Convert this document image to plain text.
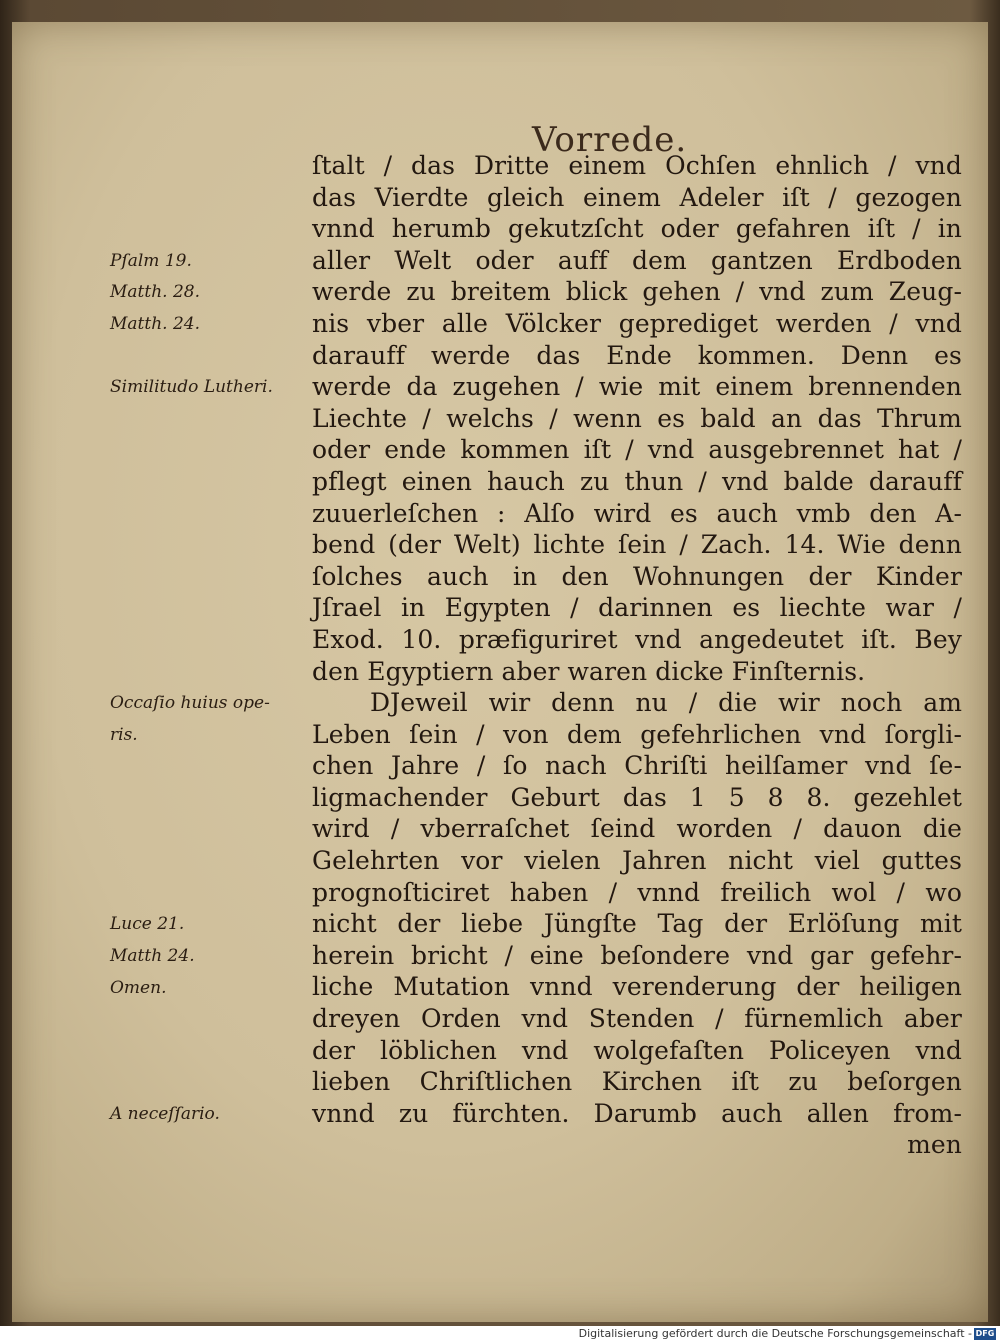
Vorrede.
ſtalt / das Dritte einem Ochſen ehnlich / vnd
das Vierdte gleich einem Adeler iſt / gezogen
vnnd herumb gekutzſcht oder gefahren iſt / in
aller Welt oder auff dem gantzen Erdboden
werde zu breitem blick gehen / vnd zum Zeug-
nis vber alle Völcker geprediget werden / vnd
darauff werde das Ende kommen. Denn es
werde da zugehen / wie mit einem brennenden
Liechte / welchs / wenn es bald an das Thrum
oder ende kommen iſt / vnd ausgebrennet hat /
pflegt einen hauch zu thun / vnd balde darauff
zuuerleſchen : Alſo wird es auch vmb den A-
bend (der Welt) lichte ſein / Zach. 14. Wie denn
ſolches auch in den Wohnungen der Kinder
Jſrael in Egypten / darinnen es liechte war /
Exod. 10. præfiguriret vnd angedeutet iſt. Bey
den Egyptiern aber waren dicke Finſternis.
DJeweil wir denn nu / die wir noch am
Leben ſein / von dem gefehrlichen vnd ſorgli-
chen Jahre / ſo nach Chriſti heilſamer vnd ſe-
ligmachender Geburt das 1 5 8 8. gezehlet
wird / vberraſchet ſeind worden / dauon die
Gelehrten vor vielen Jahren nicht viel guttes
prognoſticiret haben / vnnd freilich wol / wo
nicht der liebe Jüngſte Tag der Erlöſung mit
herein bricht / eine beſondere vnd gar gefehr-
liche Mutation vnnd verenderung der heiligen
dreyen Orden vnd Stenden / fürnemlich aber
der löblichen vnd wolgefaſten Policeyen vnd
lieben Chriſtlichen Kirchen iſt zu beſorgen
vnnd zu fürchten. Darumb auch allen from-
men
Pſalm 19.
Matth. 28.
Matth. 24.
Similitudo Lutheri.
Occaſio huius ope-
ris.
Luce 21.
Matth 24.
Omen.
A neceſſario.
Digitalisierung gefördert durch die Deutsche Forschungsgemeinschaft - DFG
